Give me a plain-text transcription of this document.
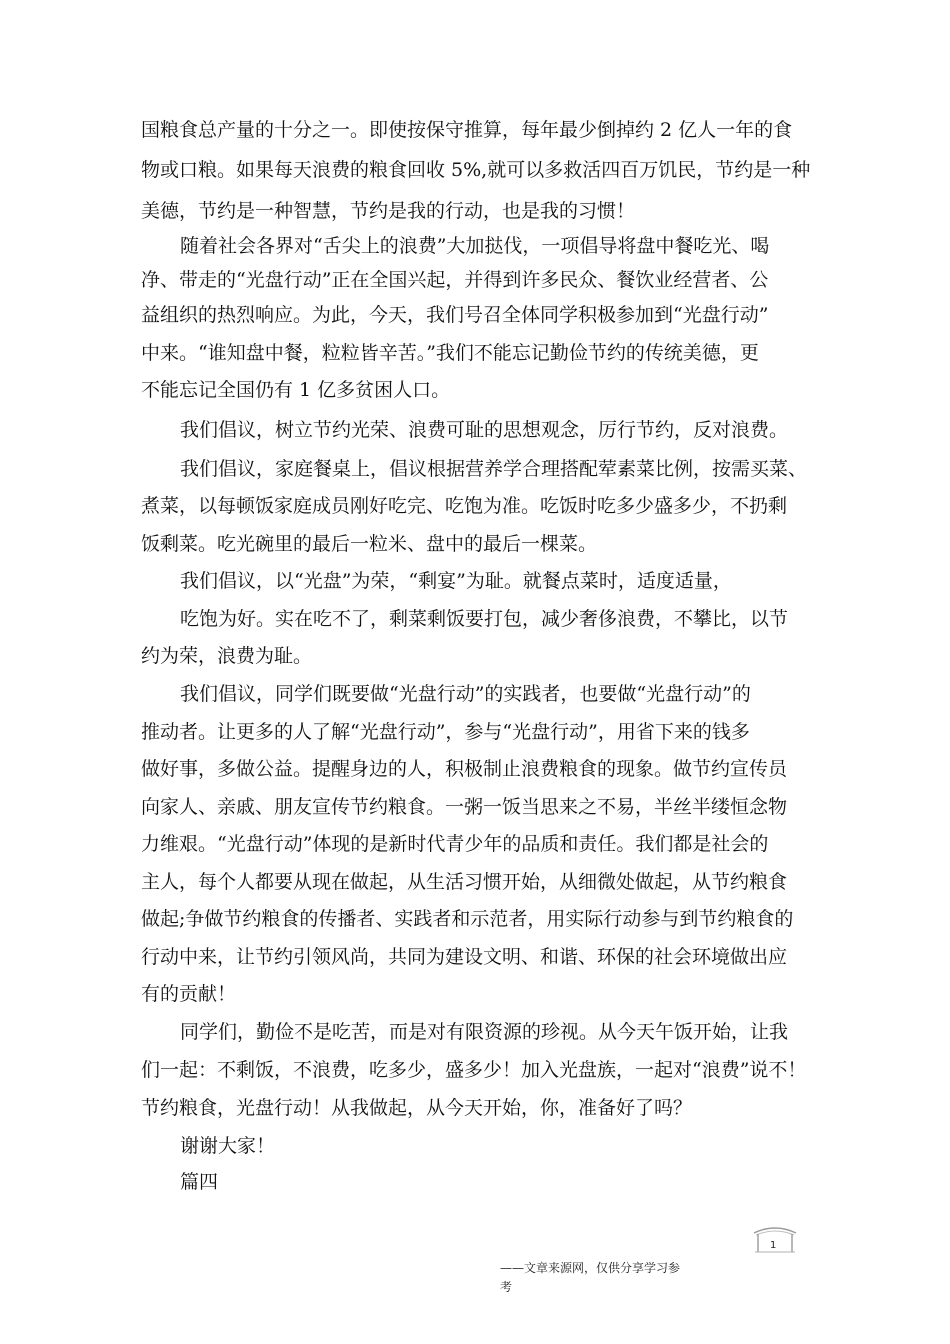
国粮食总产量的十分之一。即使按保守推算，每年最少倒掉约 2 亿人一年的食
物或口粮。如果每天浪费的粮食回收 5%,就可以多救活四百万饥民，节约是一种
美德，节约是一种智慧，节约是我的行动，也是我的习惯！
随着社会各界对“舌尖上的浪费”大加挞伐，一项倡导将盘中餐吃光、喝
净、带走的“光盘行动”正在全国兴起，并得到许多民众、餐饮业经营者、公
益组织的热烈响应。为此，今天，我们号召全体同学积极参加到“光盘行动”
中来。“谁知盘中餐，粒粒皆辛苦。”我们不能忘记勤俭节约的传统美德，更
不能忘记全国仍有 1 亿多贫困人口。
我们倡议，树立节约光荣、浪费可耻的思想观念，厉行节约，反对浪费。
我们倡议，家庭餐桌上，倡议根据营养学合理搭配荤素菜比例，按需买菜、
煮菜，以每顿饭家庭成员刚好吃完、吃饱为准。吃饭时吃多少盛多少，不扔剩
饭剩菜。吃光碗里的最后一粒米、盘中的最后一棵菜。
我们倡议，以“光盘”为荣，“剩宴”为耻。就餐点菜时，适度适量，
吃饱为好。实在吃不了，剩菜剩饭要打包，减少奢侈浪费，不攀比，以节
约为荣，浪费为耻。
我们倡议，同学们既要做“光盘行动”的实践者，也要做“光盘行动”的
推动者。让更多的人了解“光盘行动”，参与“光盘行动”，用省下来的钱多
做好事，多做公益。提醒身边的人，积极制止浪费粮食的现象。做节约宣传员
向家人、亲戚、朋友宣传节约粮食。一粥一饭当思来之不易，半丝半缕恒念物
力维艰。“光盘行动”体现的是新时代青少年的品质和责任。我们都是社会的
主人，每个人都要从现在做起，从生活习惯开始，从细微处做起，从节约粮食
做起;争做节约粮食的传播者、实践者和示范者，用实际行动参与到节约粮食的
行动中来，让节约引领风尚，共同为建设文明、和谐、环保的社会环境做出应
有的贡献！
同学们，勤俭不是吃苦，而是对有限资源的珍视。从今天午饭开始，让我
们一起：不剩饭，不浪费，吃多少，盛多少！加入光盘族，一起对“浪费”说不！
节约粮食，光盘行动！从我做起，从今天开始，你，准备好了吗？
谢谢大家！
篇四
——文章来源网，仅供分享学习参
考
1
